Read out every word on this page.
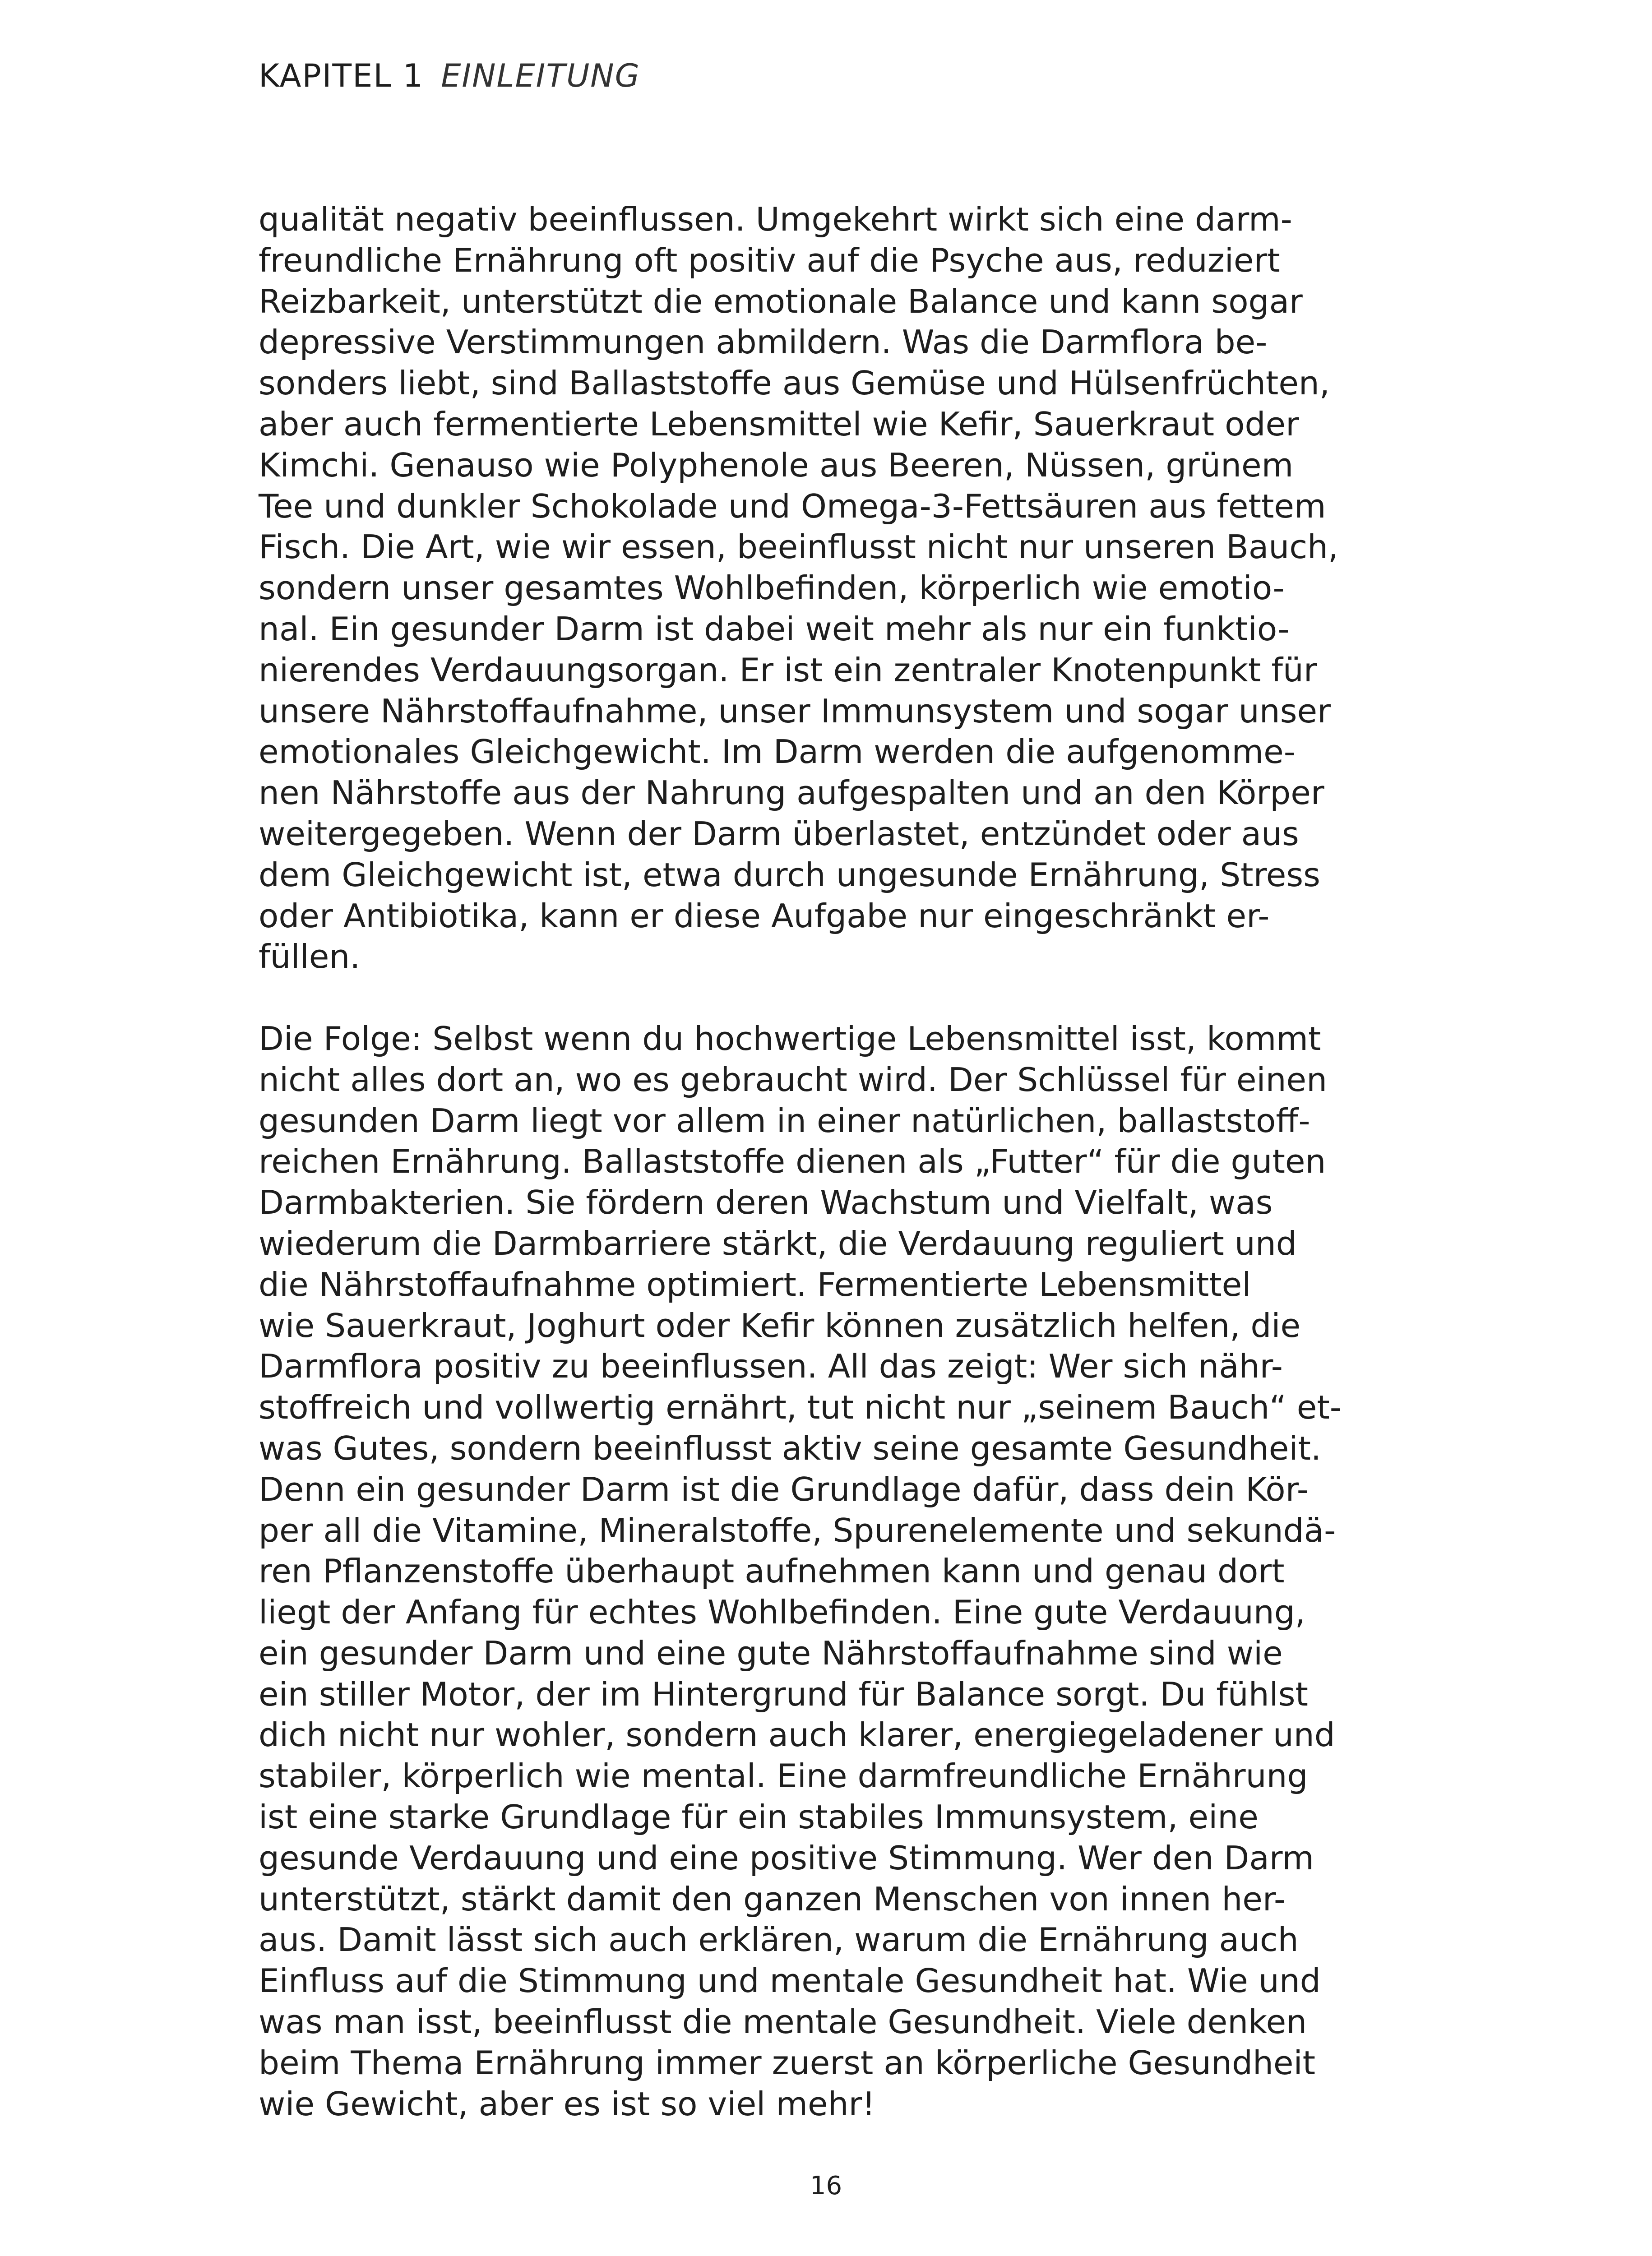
KAPITEL 1 EINLEITUNG

qualität negativ beeinflussen. Umgekehrt wirkt sich eine darm-
freundliche Ernährung oft positiv auf die Psyche aus, reduziert
Reizbarkeit, unterstützt die emotionale Balance und kann sogar
depressive Verstimmungen abmildern. Was die Darmflora be-
sonders liebt, sind Ballaststoffe aus Gemüse und Hülsenfrüchten,
aber auch fermentierte Lebensmittel wie Kefir, Sauerkraut oder
Kimchi. Genauso wie Polyphenole aus Beeren, Nüssen, grünem
Tee und dunkler Schokolade und Omega-3-Fettsäuren aus fettem
Fisch. Die Art, wie wir essen, beeinflusst nicht nur unseren Bauch,
sondern unser gesamtes Wohlbefinden, körperlich wie emotio-
nal. Ein gesunder Darm ist dabei weit mehr als nur ein funktio-
nierendes Verdauungsorgan. Er ist ein zentraler Knotenpunkt für
unsere Nährstoffaufnahme, unser Immunsystem und sogar unser
emotionales Gleichgewicht. Im Darm werden die aufgenomme-
nen Nährstoffe aus der Nahrung aufgespalten und an den Körper
weitergegeben. Wenn der Darm überlastet, entzündet oder aus
dem Gleichgewicht ist, etwa durch ungesunde Ernährung, Stress
oder Antibiotika, kann er diese Aufgabe nur eingeschränkt er-
füllen.

Die Folge: Selbst wenn du hochwertige Lebensmittel isst, kommt
nicht alles dort an, wo es gebraucht wird. Der Schlüssel für einen
gesunden Darm liegt vor allem in einer natürlichen, ballaststoff-
reichen Ernährung. Ballaststoffe dienen als „Futter“ für die guten
Darmbakterien. Sie fördern deren Wachstum und Vielfalt, was
wiederum die Darmbarriere stärkt, die Verdauung reguliert und
die Nährstoffaufnahme optimiert. Fermentierte Lebensmittel
wie Sauerkraut, Joghurt oder Kefir können zusätzlich helfen, die
Darmflora positiv zu beeinflussen. All das zeigt: Wer sich nähr-
stoffreich und vollwertig ernährt, tut nicht nur „seinem Bauch“ et-
was Gutes, sondern beeinflusst aktiv seine gesamte Gesundheit.
Denn ein gesunder Darm ist die Grundlage dafür, dass dein Kör-
per all die Vitamine, Mineralstoffe, Spurenelemente und sekundä-
ren Pflanzenstoffe überhaupt aufnehmen kann und genau dort
liegt der Anfang für echtes Wohlbefinden. Eine gute Verdauung,
ein gesunder Darm und eine gute Nährstoffaufnahme sind wie
ein stiller Motor, der im Hintergrund für Balance sorgt. Du fühlst
dich nicht nur wohler, sondern auch klarer, energiegeladener und
stabiler, körperlich wie mental. Eine darmfreundliche Ernährung
ist eine starke Grundlage für ein stabiles Immunsystem, eine
gesunde Verdauung und eine positive Stimmung. Wer den Darm
unterstützt, stärkt damit den ganzen Menschen von innen her-
aus. Damit lässt sich auch erklären, warum die Ernährung auch
Einfluss auf die Stimmung und mentale Gesundheit hat. Wie und
was man isst, beeinflusst die mentale Gesundheit. Viele denken
beim Thema Ernährung immer zuerst an körperliche Gesundheit
wie Gewicht, aber es ist so viel mehr!

16
